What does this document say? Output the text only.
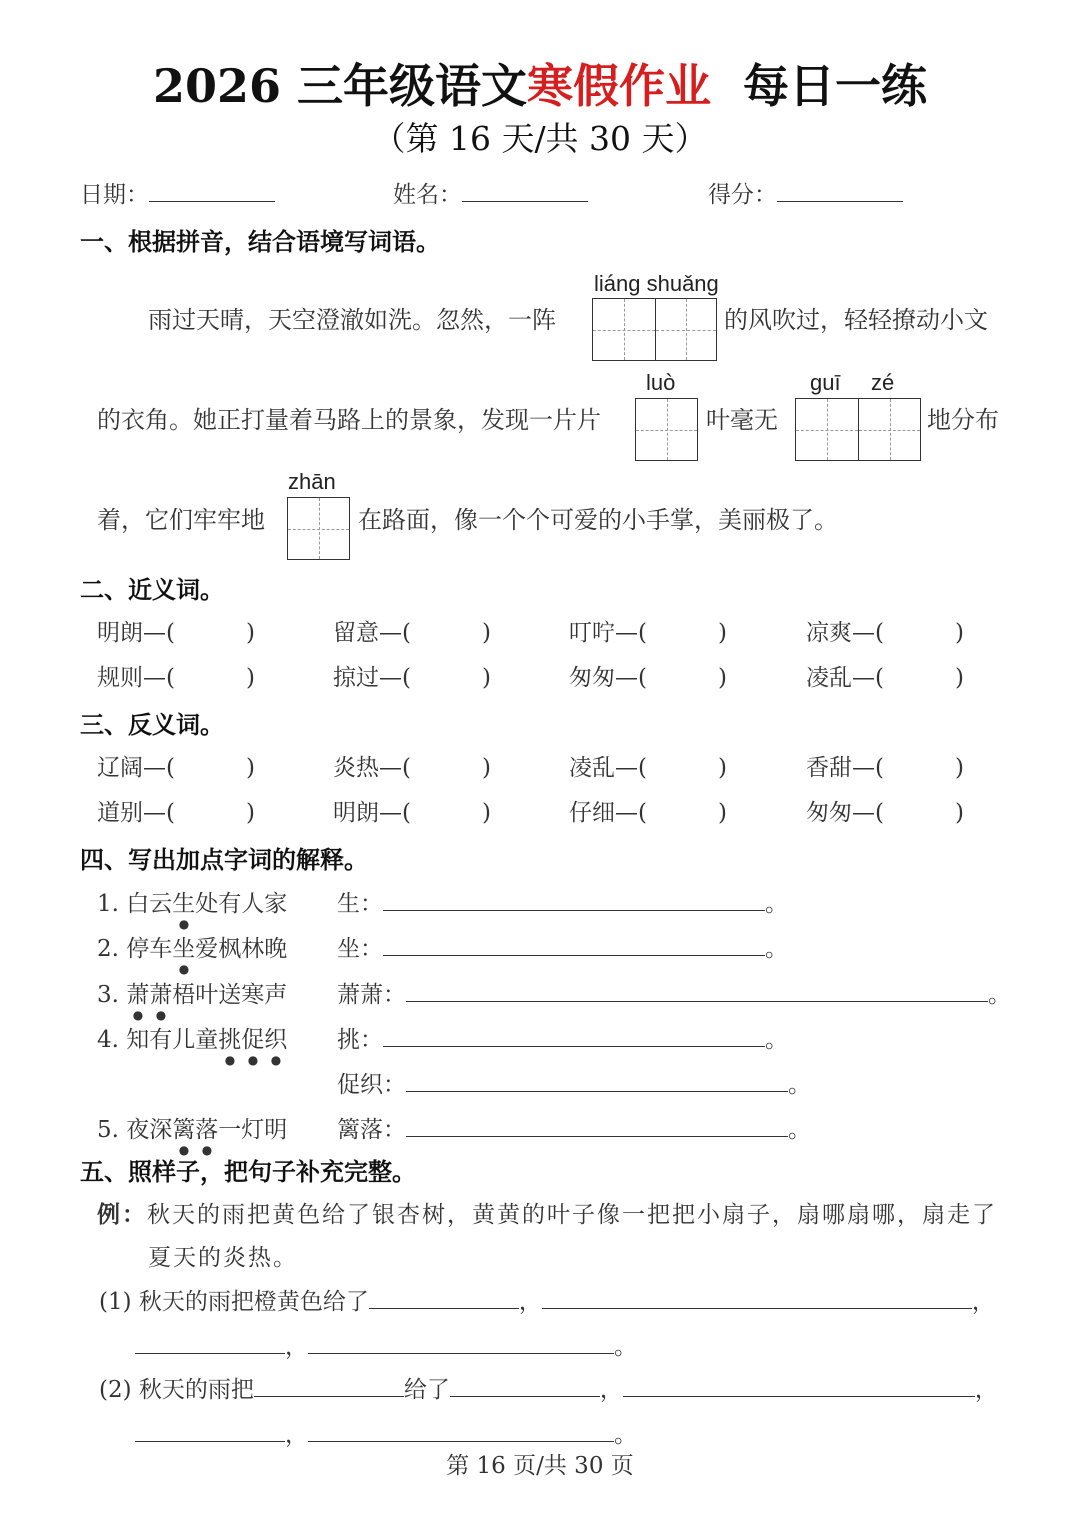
2026 三年级语文寒假作业 每日一练
（第 16 天/共 30 天）
日期：	姓名：	得分：
一、根据拼音，结合语境写词语。
liáng shuǎng
雨过天晴，天空澄澈如洗。忽然，一阵	的风吹过，轻轻撩动小文
luò	guī zé
的衣角。她正打量着马路上的景象，发现一片片	叶毫无	地分布
zhān
着，它们牢牢地	在路面，像一个个可爱的小手掌，美丽极了。
二、近义词。
明朗—(	)	留意—(	)	叮咛—(	)	凉爽—(	)
规则—(	)	掠过—(	)	匆匆—(	)	凌乱—(	)
三、反义词。
辽阔—(	)	炎热—(	)	凌乱—(	)	香甜—(	)
道别—(	)	明朗—(	)	仔细—(	)	匆匆—(	)
四、写出加点字词的解释。
1. 白云生处有人家 生：	。
2. 停车坐爱枫林晚 坐：	。
3. 萧萧梧叶送寒声 萧萧：	。
4. 知有儿童挑促织 挑：	。
促织：	。
5. 夜深篱落一灯明 篱落：	。
五、照样子，把句子补充完整。
例：秋天的雨把黄色给了银杏树，黄黄的叶子像一把把小扇子，扇哪扇哪，扇走了
夏天的炎热。
(1) 秋天的雨把橙黄色给了	，	，
，	。
(2) 秋天的雨把	给了	，	，
，	。
第 16 页/共 30 页
